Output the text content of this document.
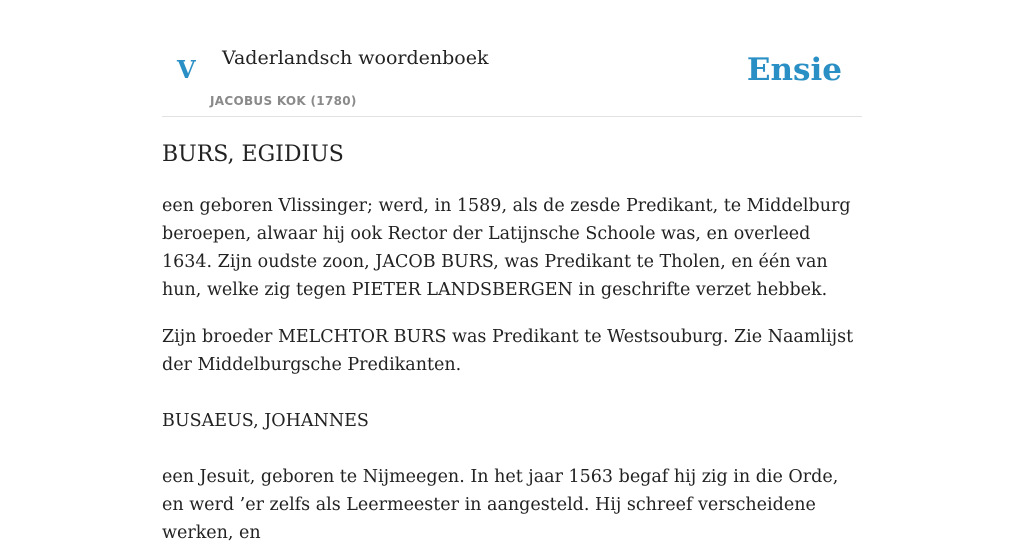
V Vaderlandsch woordenboek
JACOBUS KOK (1780)
Ensie
BURS, EGIDIUS

een geboren Vlissinger; werd, in 1589, als de zesde Predikant, te Middelburg beroepen, alwaar hij ook Rector der Latijnsche Schoole was, en overleed 1634. Zijn oudste zoon, JACOB BURS, was Predikant te Tholen, en één van hun, welke zig tegen PIETER LANDSBERGEN in geschrifte verzet hebbek.

Zijn broeder MELCHTOR BURS was Predikant te Westsouburg. Zie Naamlijst der Middelburgsche Predikanten.

BUSAEUS, JOHANNES

een Jesuit, geboren te Nijmeegen. In het jaar 1563 begaf hij zig in die Orde, en werd ’er zelfs als Leermeester in aangesteld. Hij schreef verscheidene werken, en
